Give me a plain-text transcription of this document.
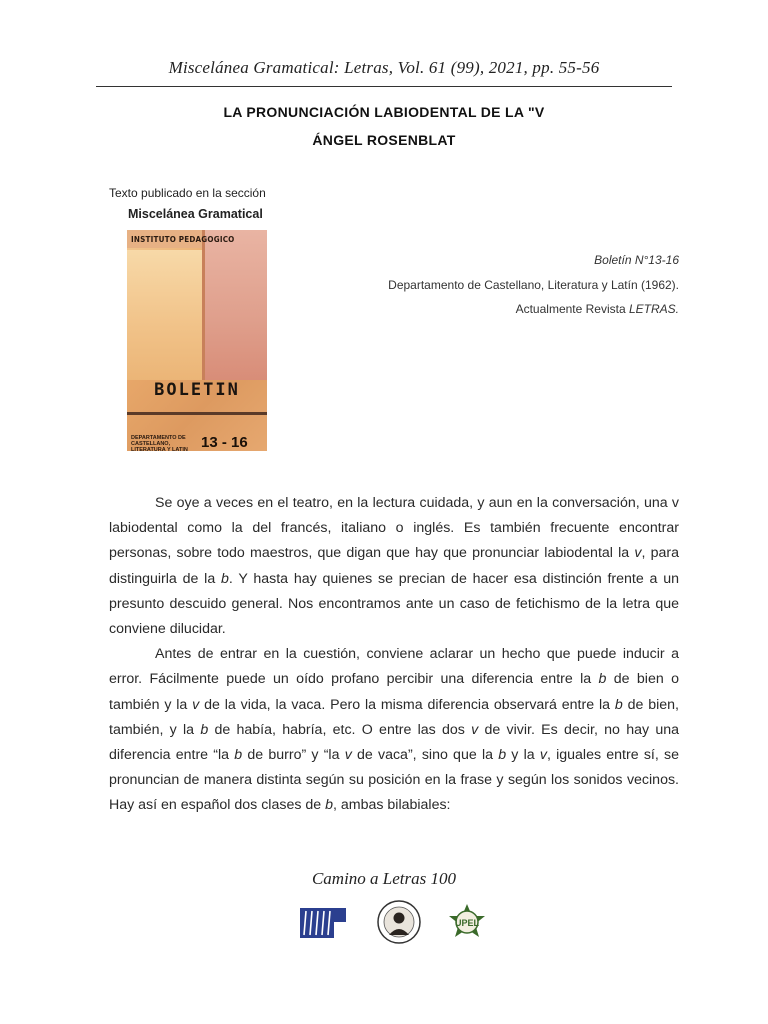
Miscelánea Gramatical: Letras, Vol. 61 (99), 2021, pp. 55-56
LA PRONUNCIACIÓN LABIODENTAL DE LA "V
ÁNGEL ROSENBLAT
Texto publicado en la sección
Miscelánea Gramatical
INSTITUTO PEDAGOGICO
BOLETIN
DEPARTAMENTO DE CASTELLANO, LITERATURA Y LATIN 13 - 16
Boletín N°13-16
Departamento de Castellano, Literatura y Latín (1962).
Actualmente Revista LETRAS.

Se oye a veces en el teatro, en la lectura cuidada, y aun en la conversación, una v labiodental como la del francés, italiano o inglés. Es también frecuente encontrar personas, sobre todo maestros, que digan que hay que pronunciar labiodental la v, para distinguirla de la b. Y hasta hay quienes se precian de hacer esa distinción frente a un presunto descuido general. Nos encontramos ante un caso de fetichismo de la letra que conviene dilucidar.

Antes de entrar en la cuestión, conviene aclarar un hecho que puede inducir a error. Fácilmente puede un oído profano percibir una diferencia entre la b de bien o también y la v de la vida, la vaca. Pero la misma diferencia observará entre la b de bien, también, y la b de había, habría, etc. O entre las dos v de vivir. Es decir, no hay una diferencia entre “la b de burro” y “la v de vaca”, sino que la b y la v, iguales entre sí, se pronuncian de manera distinta según su posición en la frase y según los sonidos vecinos. Hay así en español dos clases de b, ambas bilabiales:

Camino a Letras 100
UPEL
